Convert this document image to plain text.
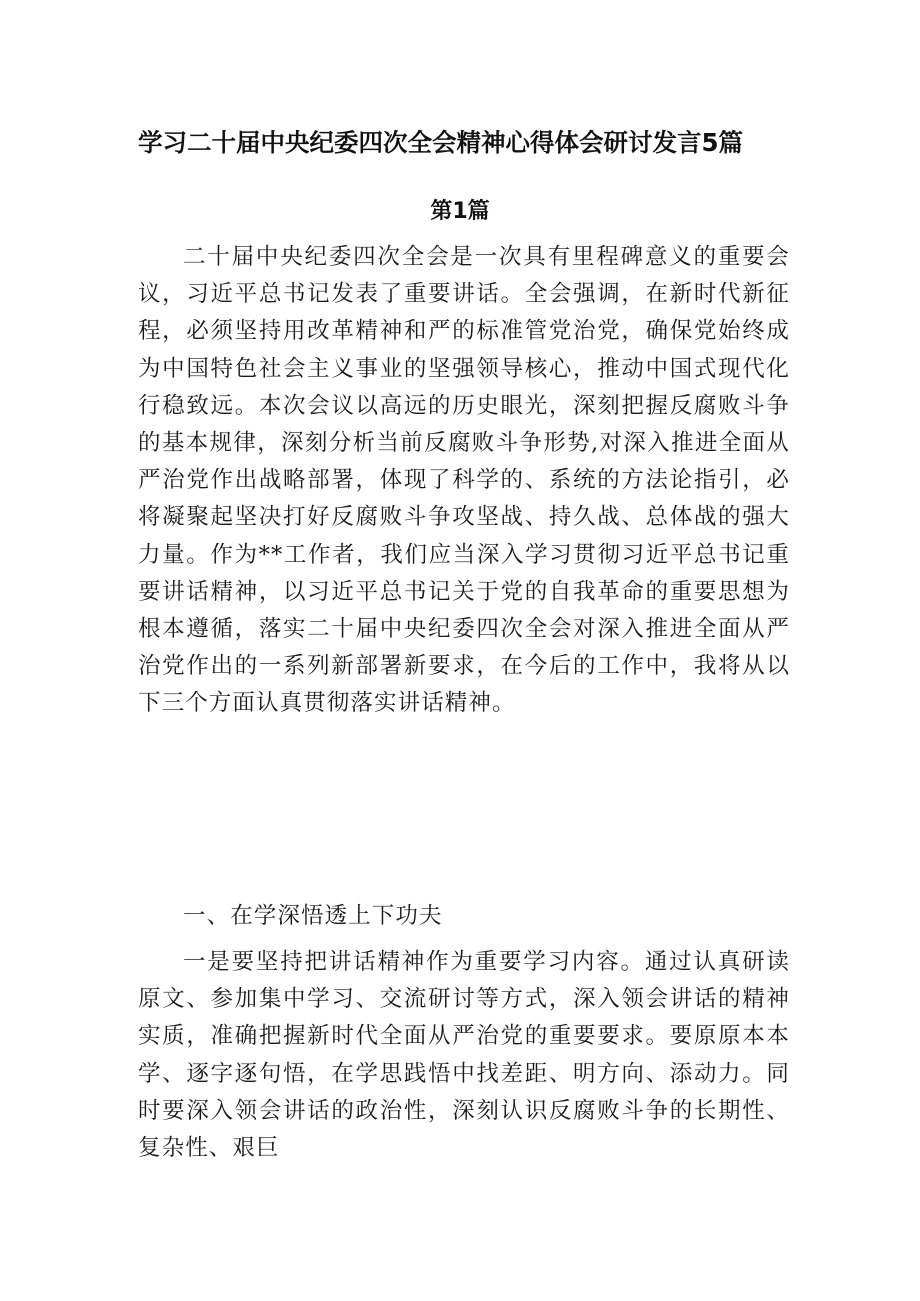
学习二十届中央纪委四次全会精神心得体会研讨发言5篇
第1篇

二十届中央纪委四次全会是一次具有里程碑意义的重要会议，习近平总书记发表了重要讲话。全会强调，在新时代新征程，必须坚持用改革精神和严的标准管党治党，确保党始终成为中国特色社会主义事业的坚强领导核心，推动中国式现代化行稳致远。本次会议以高远的历史眼光，深刻把握反腐败斗争的基本规律，深刻分析当前反腐败斗争形势,对深入推进全面从严治党作出战略部署，体现了科学的、系统的方法论指引，必将凝聚起坚决打好反腐败斗争攻坚战、持久战、总体战的强大力量。作为**工作者，我们应当深入学习贯彻习近平总书记重要讲话精神，以习近平总书记关于党的自我革命的重要思想为根本遵循，落实二十届中央纪委四次全会对深入推进全面从严治党作出的一系列新部署新要求，在今后的工作中，我将从以下三个方面认真贯彻落实讲话精神。

一、在学深悟透上下功夫

一是要坚持把讲话精神作为重要学习内容。通过认真研读原文、参加集中学习、交流研讨等方式，深入领会讲话的精神实质，准确把握新时代全面从严治党的重要要求。要原原本本学、逐字逐句悟，在学思践悟中找差距、明方向、添动力。同时要深入领会讲话的政治性，深刻认识反腐败斗争的长期性、复杂性、艰巨
